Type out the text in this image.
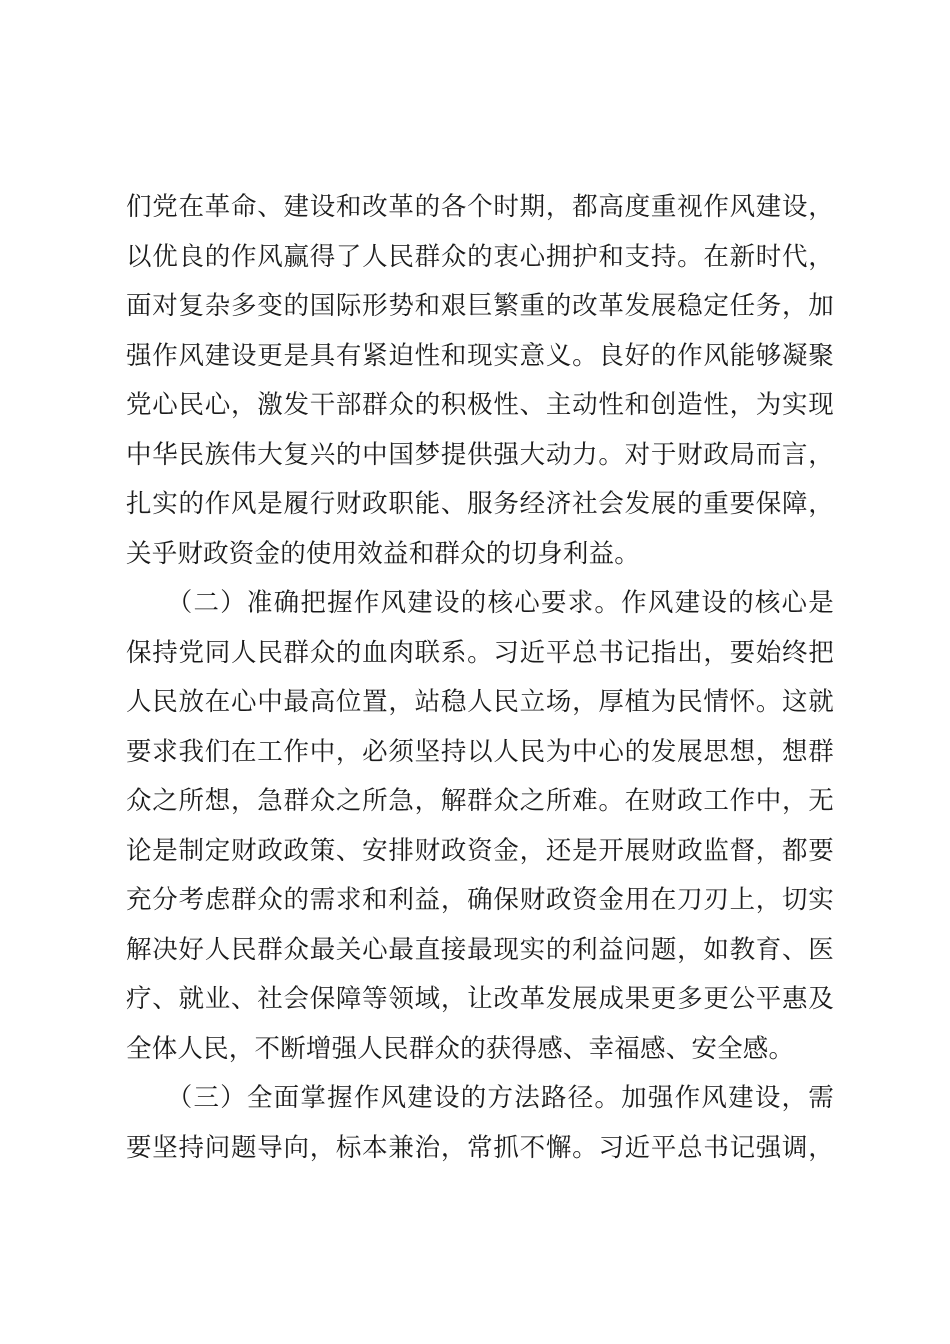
们党在革命、建设和改革的各个时期，都高度重视作风建设，
以优良的作风赢得了人民群众的衷心拥护和支持。在新时代，
面对复杂多变的国际形势和艰巨繁重的改革发展稳定任务，加
强作风建设更是具有紧迫性和现实意义。良好的作风能够凝聚
党心民心，激发干部群众的积极性、主动性和创造性，为实现
中华民族伟大复兴的中国梦提供强大动力。对于财政局而言，
扎实的作风是履行财政职能、服务经济社会发展的重要保障，
关乎财政资金的使用效益和群众的切身利益。
　　（二）准确把握作风建设的核心要求。作风建设的核心是
保持党同人民群众的血肉联系。习近平总书记指出，要始终把
人民放在心中最高位置，站稳人民立场，厚植为民情怀。这就
要求我们在工作中，必须坚持以人民为中心的发展思想，想群
众之所想，急群众之所急，解群众之所难。在财政工作中，无
论是制定财政政策、安排财政资金，还是开展财政监督，都要
充分考虑群众的需求和利益，确保财政资金用在刀刃上，切实
解决好人民群众最关心最直接最现实的利益问题，如教育、医
疗、就业、社会保障等领域，让改革发展成果更多更公平惠及
全体人民，不断增强人民群众的获得感、幸福感、安全感。
　　（三）全面掌握作风建设的方法路径。加强作风建设，需
要坚持问题导向，标本兼治，常抓不懈。习近平总书记强调，
